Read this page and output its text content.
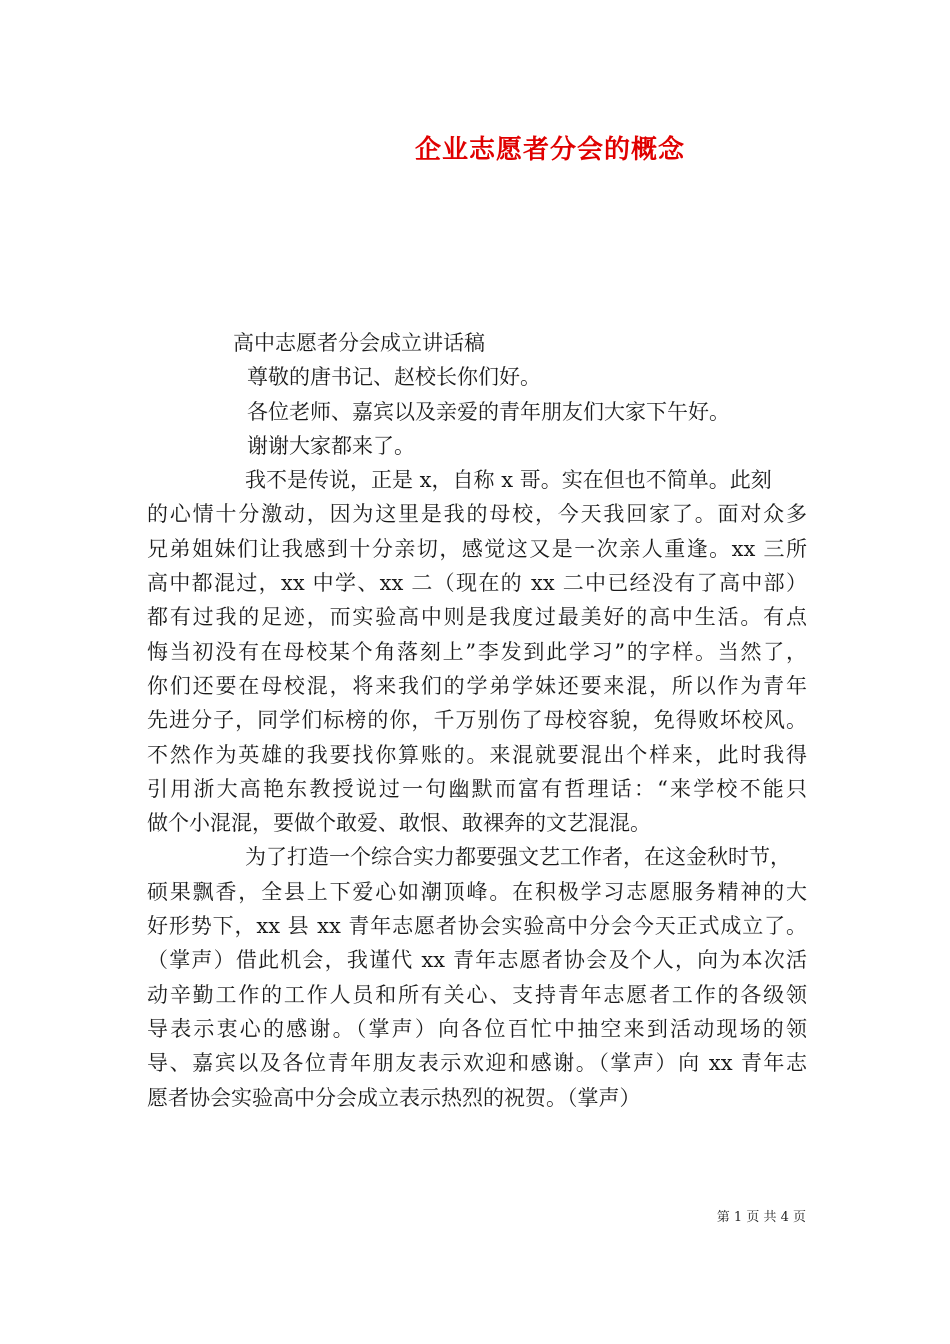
企业志愿者分会的概念
高中志愿者分会成立讲话稿
尊敬的唐书记、赵校长你们好。
各位老师、嘉宾以及亲爱的青年朋友们大家下午好。
谢谢大家都来了。
我不是传说，正是 x，自称 x 哥。实在但也不简单。此刻
的心情十分激动，因为这里是我的母校，今天我回家了。面对众多
兄弟姐妹们让我感到十分亲切，感觉这又是一次亲人重逢。xx 三所
高中都混过，xx 中学、xx 二（现在的 xx 二中已经没有了高中部）
都有过我的足迹，而实验高中则是我度过最美好的高中生活。有点
悔当初没有在母校某个角落刻上”李发到此学习”的字样。当然了，
你们还要在母校混，将来我们的学弟学妹还要来混，所以作为青年
先进分子，同学们标榜的你，千万别伤了母校容貌，免得败坏校风。
不然作为英雄的我要找你算账的。来混就要混出个样来，此时我得
引用浙大高艳东教授说过一句幽默而富有哲理话：“来学校不能只
做个小混混，要做个敢爱、敢恨、敢裸奔的文艺混混。
为了打造一个综合实力都要强文艺工作者，在这金秋时节，
硕果飘香，全县上下爱心如潮顶峰。在积极学习志愿服务精神的大
好形势下，xx 县 xx 青年志愿者协会实验高中分会今天正式成立了。
（掌声）借此机会，我谨代 xx 青年志愿者协会及个人，向为本次活
动辛勤工作的工作人员和所有关心、支持青年志愿者工作的各级领
导表示衷心的感谢。（掌声）向各位百忙中抽空来到活动现场的领
导、嘉宾以及各位青年朋友表示欢迎和感谢。（掌声）向 xx 青年志
愿者协会实验高中分会成立表示热烈的祝贺。（掌声）
第 1 页 共 4 页
